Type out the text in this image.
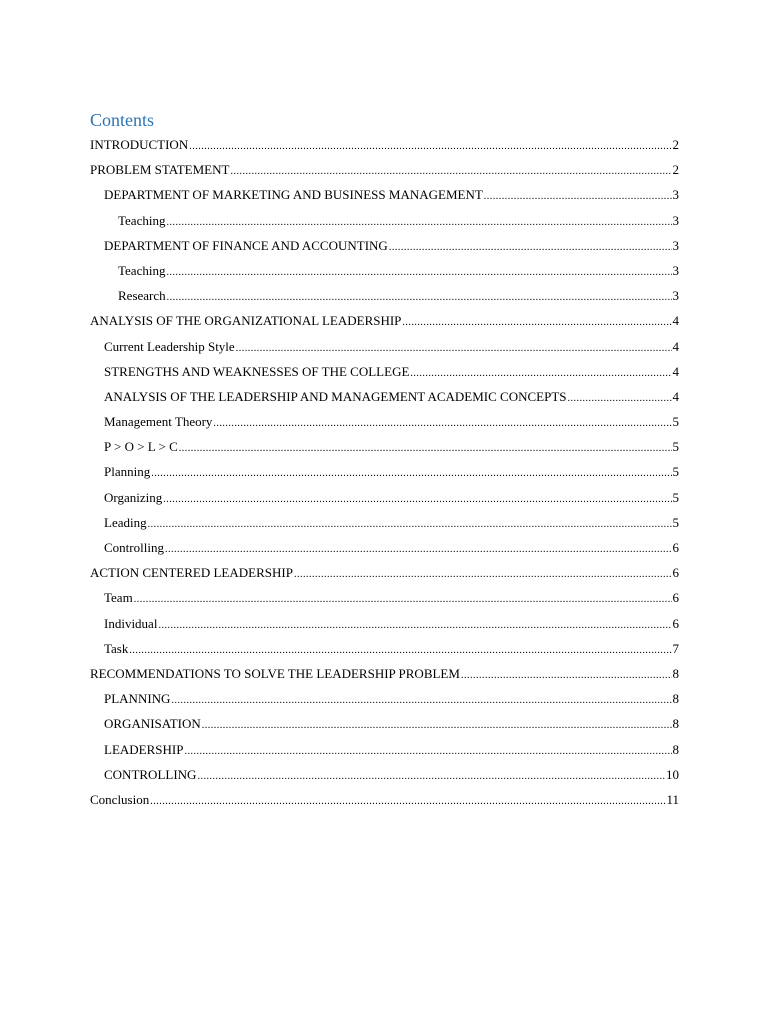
Contents
INTRODUCTION .....	2
PROBLEM STATEMENT .....	2
DEPARTMENT OF MARKETING AND BUSINESS MANAGEMENT .....	3
Teaching .....	3
DEPARTMENT OF FINANCE AND ACCOUNTING .....	3
Teaching .....	3
Research .....	3
ANALYSIS OF THE ORGANIZATIONAL LEADERSHIP .....	4
Current Leadership Style .....	4
STRENGTHS AND WEAKNESSES OF THE COLLEGE .....	4
ANALYSIS OF THE LEADERSHIP AND MANAGEMENT ACADEMIC CONCEPTS .....	4
Management Theory .....	5
P > O > L > C .....	5
Planning .....	5
Organizing .....	5
Leading .....	5
Controlling .....	6
ACTION CENTERED LEADERSHIP .....	6
Team .....	6
Individual .....	6
Task .....	7
RECOMMENDATIONS TO SOLVE THE LEADERSHIP PROBLEM .....	8
PLANNING .....	8
ORGANISATION .....	8
LEADERSHIP .....	8
CONTROLLING .....	10
Conclusion .....	11
